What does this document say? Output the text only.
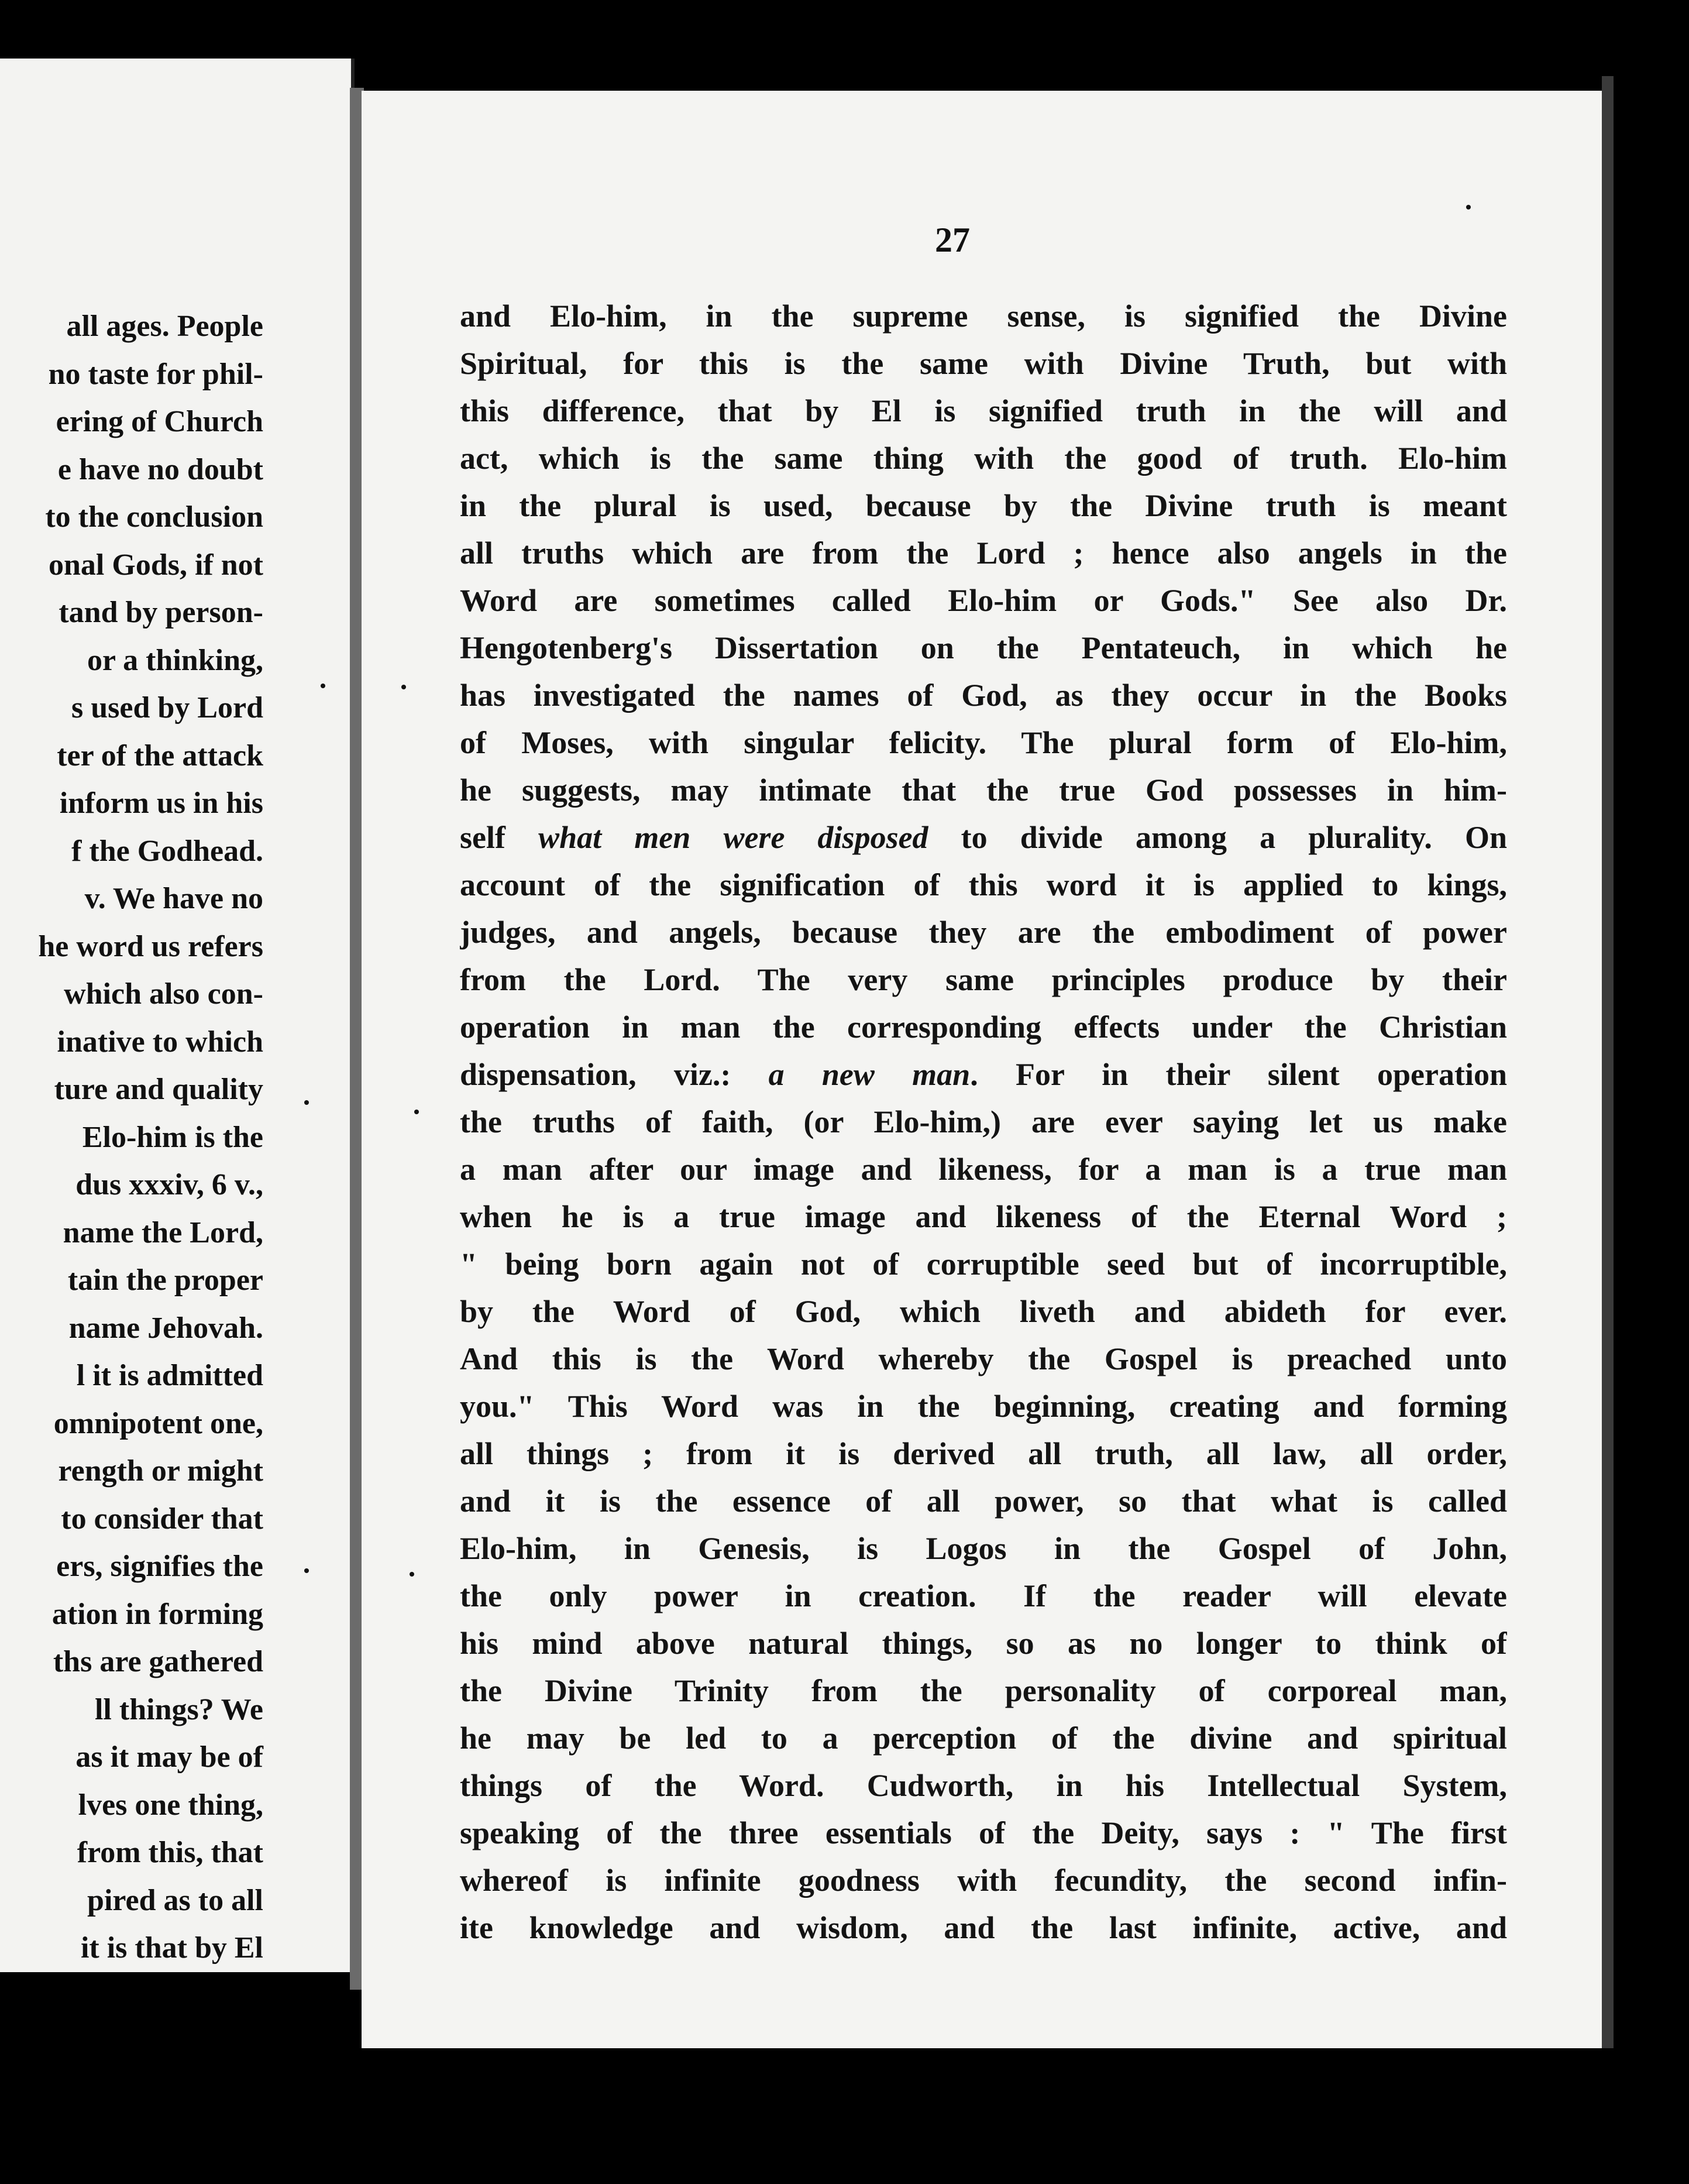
all ages. People
no taste for phil-
ering of Church
e have no doubt
to the conclusion
onal Gods, if not
tand by person-
or a thinking,
s used by Lord
ter of the attack
inform us in his
f the Godhead.
v. We have no
he word us refers
which also con-
inative to which
ture and quality
Elo-him is the
dus xxxiv, 6 v.,
name the Lord,
tain the proper
name Jehovah.
l it is admitted
omnipotent one,
rength or might
to consider that
ers, signifies the
ation in forming
ths are gathered
ll things? We
as it may be of
lves one thing,
from this, that
pired as to all
it is that by El
27
and Elo-him, in the supreme sense, is signified the Divine
Spiritual, for this is the same with Divine Truth, but with
this difference, that by El is signified truth in the will and
act, which is the same thing with the good of truth. Elo-him
in the plural is used, because by the Divine truth is meant
all truths which are from the Lord ; hence also angels in the
Word are sometimes called Elo-him or Gods." See also Dr.
Hengotenberg's Dissertation on the Pentateuch, in which he
has investigated the names of God, as they occur in the Books
of Moses, with singular felicity. The plural form of Elo-him,
he suggests, may intimate that the true God possesses in him-
self what men were disposed to divide among a plurality. On
account of the signification of this word it is applied to kings,
judges, and angels, because they are the embodiment of power
from the Lord. The very same principles produce by their
operation in man the corresponding effects under the Christian
dispensation, viz.: a new man. For in their silent operation
the truths of faith, (or Elo-him,) are ever saying let us make
a man after our image and likeness, for a man is a true man
when he is a true image and likeness of the Eternal Word ;
" being born again not of corruptible seed but of incorruptible,
by the Word of God, which liveth and abideth for ever.
And this is the Word whereby the Gospel is preached unto
you." This Word was in the beginning, creating and forming
all things ; from it is derived all truth, all law, all order,
and it is the essence of all power, so that what is called
Elo-him, in Genesis, is Logos in the Gospel of John,
the only power in creation. If the reader will elevate
his mind above natural things, so as no longer to think of
the Divine Trinity from the personality of corporeal man,
he may be led to a perception of the divine and spiritual
things of the Word. Cudworth, in his Intellectual System,
speaking of the three essentials of the Deity, says : " The first
whereof is infinite goodness with fecundity, the second infin-
ite knowledge and wisdom, and the last infinite, active, and
